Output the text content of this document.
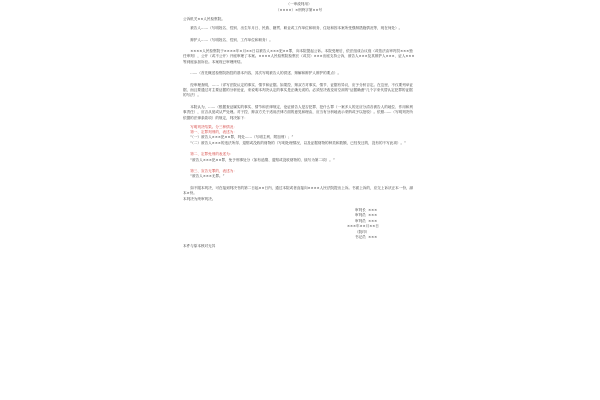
（一审改判用）

（××××）×刑终字第××号

公诉机关××人民检察院。

被告人……（写明姓名、性别、出生年月日、民族、籍贯、职业或工作单位和职务、住址和因本案所受强制措施情况等，现在何处）。

辩护人……（写明姓名、性别、工作单位和职务）。

××××人民检察院于××××年×月××日以被告人×××犯××罪，向本院提起公诉。本院受理后，依法组成合议庭（或依法由审判员×××独任审判），公开（或不公开）开庭审理了本案。××××人民检察院检察长（或员）×××出庭支持公诉，被告人×××及其辩护人×××、证人×××等到庭参加诉讼。本案现已审理终结。

……（首先概述检察院指控的基本内容，其次写明被告人的供述、辩解和辩护人辩护的要点）。

经审理查明，……（详写法院认定的事实、情节和证据。如果控、辩双方对事实、情节、证据有异议，应予分析否定。在这里，不仅要列举证据，而且要通过对主要证据的分析论证，来说明本判决认定的事实是正确无误的。必须坚决改变用空洞的"证据确凿"几个字来代替认定犯罪的证据的写法）。

本院认为，……（根据查证属实的事实、情节和法律规定，论证被告人是否犯罪、犯什么罪（一案多人的还应分清各被告人的地位、作用和刑事责任），应否从宽或从严处理。对于控、辩双方关于适用法律方面的意见和理由，应当有分析地表示采纳或予以批驳）。依照……（写明判决所依据的法律条款项）的规定，判决如下：

写明判决结果。分三种情况：

第一、定罪判刑的，表述为：

“（一）被告人×××犯××罪，判处……（写明主刑、附加刑）；”

“（二）被告人×××的违法所得、退赔或没收的财物的（写明处理情况，以及证据财物的种类和数额，已经发还的，没有的不写此项）。”

第二、定罪免刑的表述为：

“被告人×××犯××罪，免予刑事处分（如有追缴、退赔或没收财物的，续写为第二项）。”

第三、宣告无罪的，表述为：

“被告人×××无罪。”

如不服本判决，可在接到判决书的第二日起××日内，通过本院或者直接向××××人民法院提出上诉。书面上诉的，应交上诉状正本一份，副本×份。

本判决为终审判决。

审判长 ×××
审判员 ×××
审判员 ×××
×××年××月××日
（院印）
书记员 ×××

本件与原本核对无异
